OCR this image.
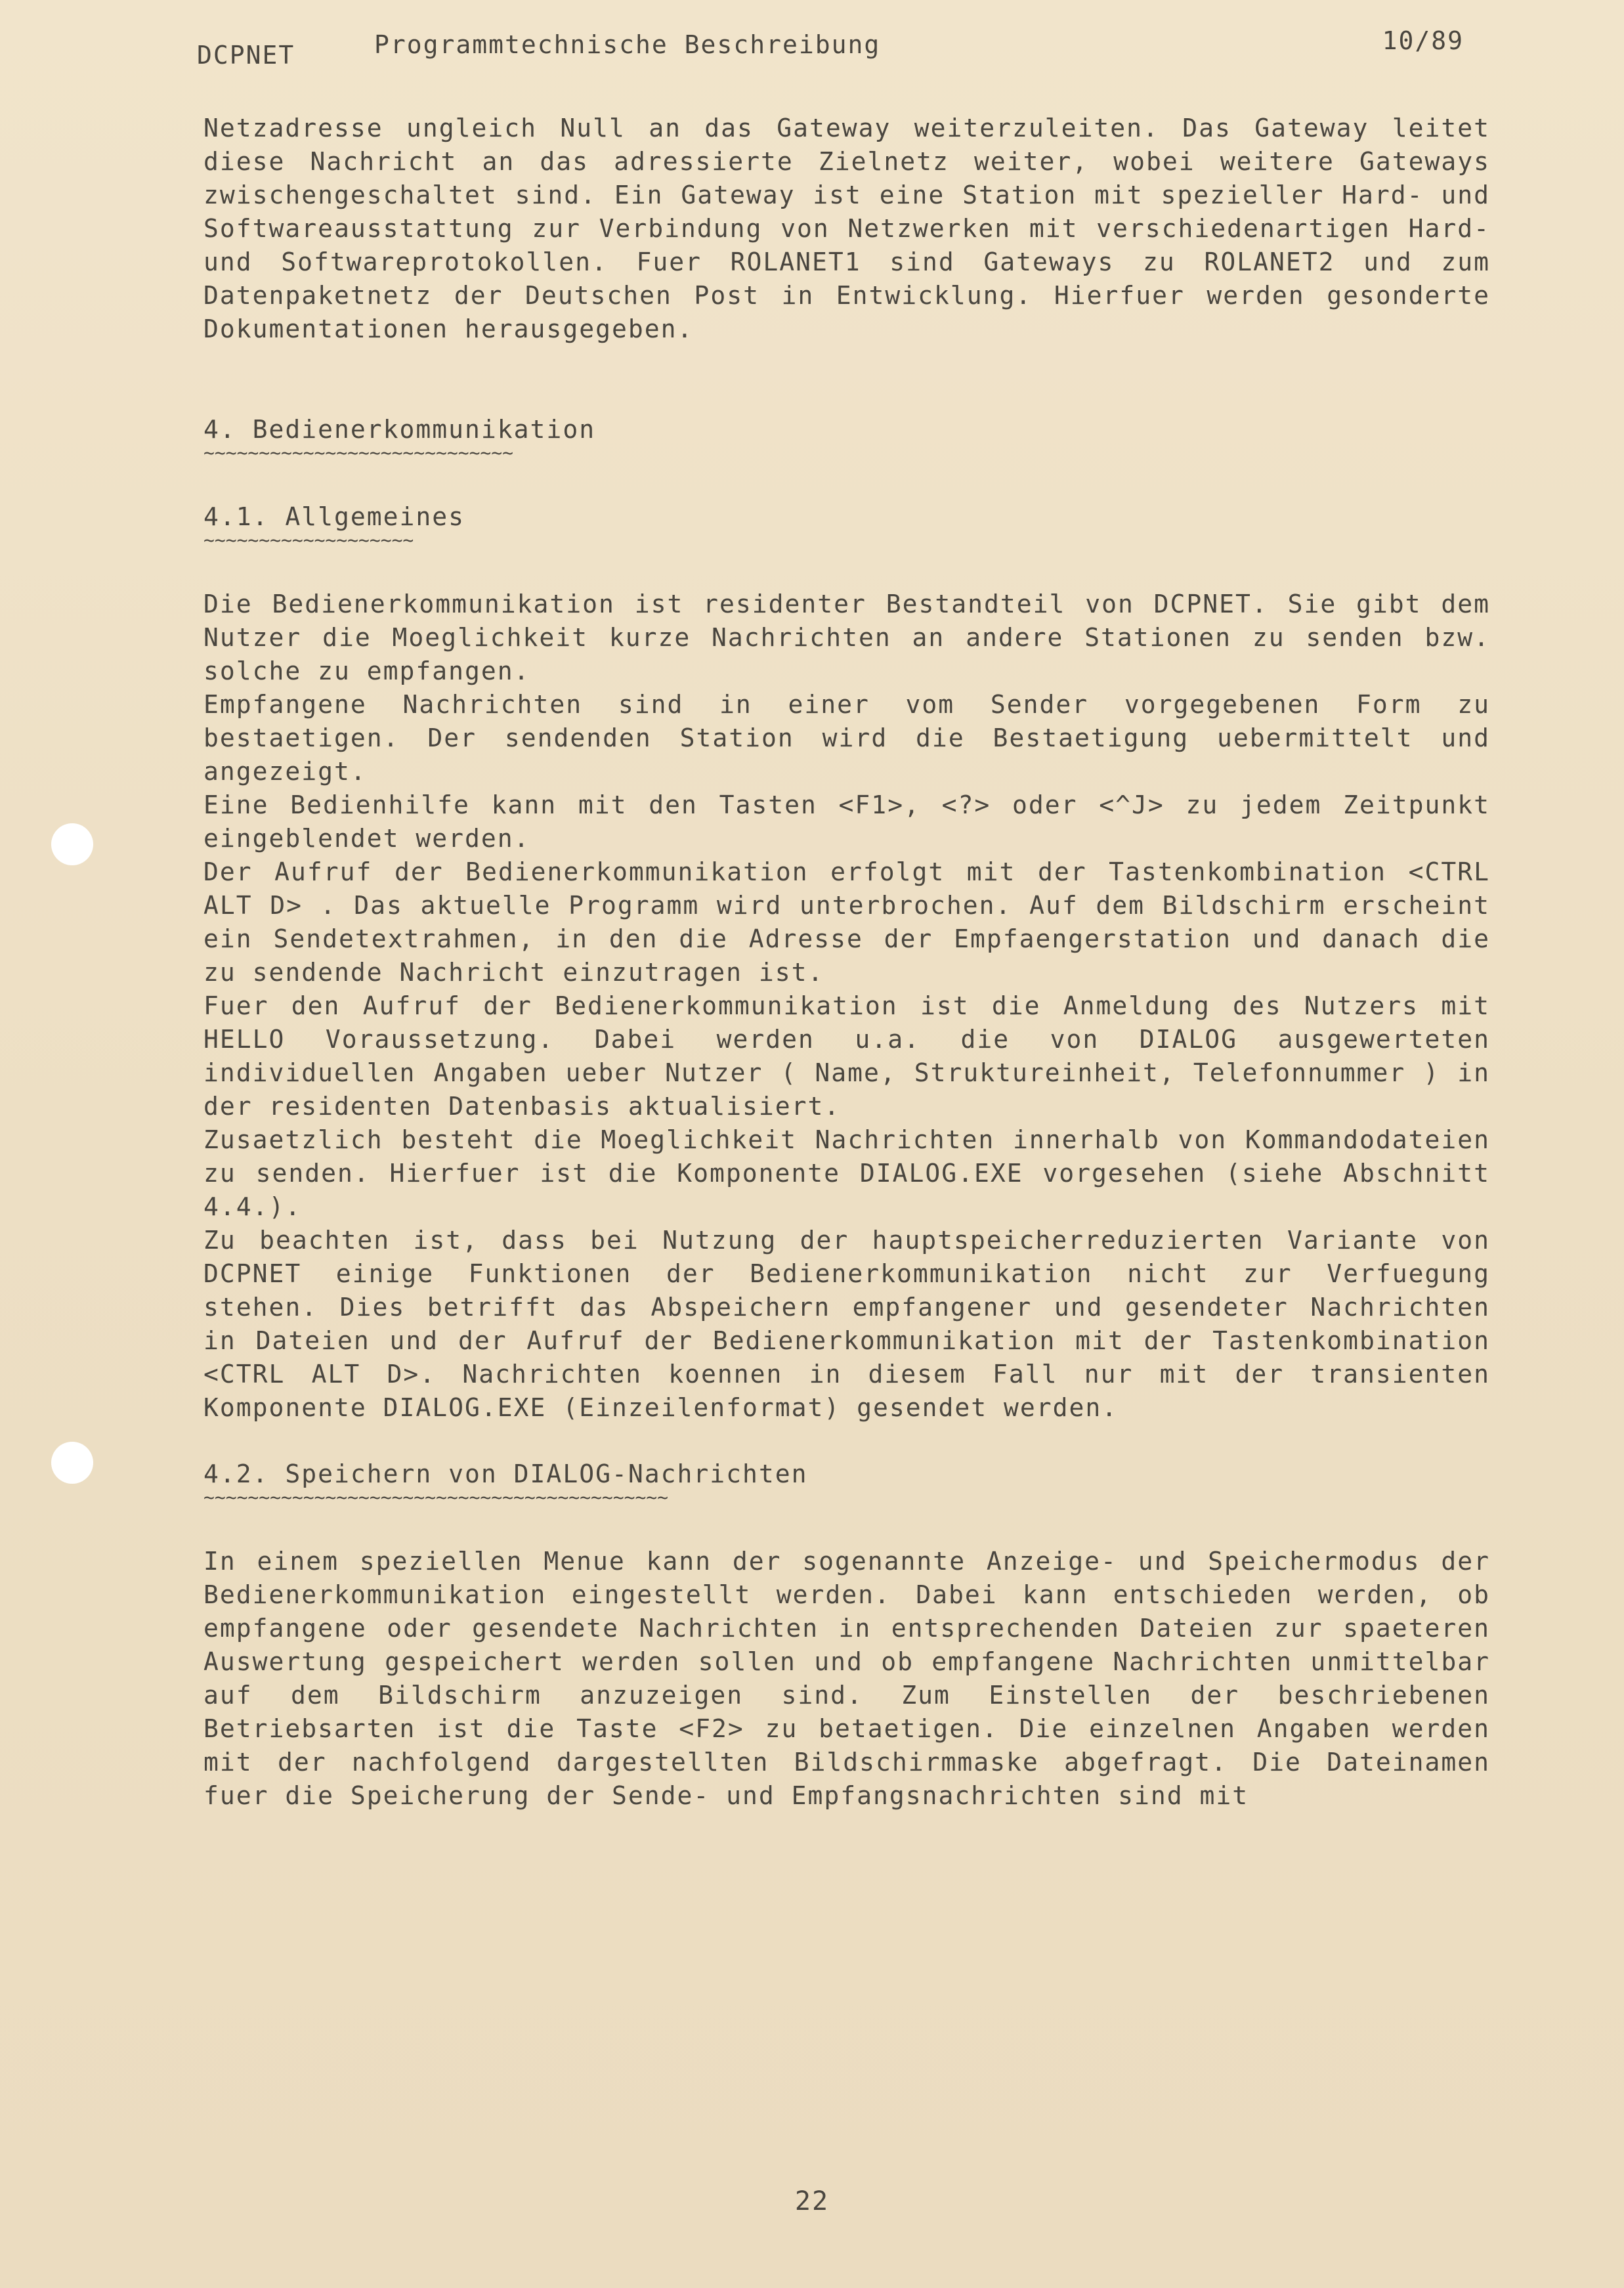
DCPNET	Programmtechnische Beschreibung	10/89

Netzadresse ungleich Null an das Gateway weiterzuleiten. Das Gateway leitet diese Nachricht an das adressierte Zielnetz weiter, wobei weitere Gateways zwischengeschaltet sind. Ein Gateway ist eine Station mit spezieller Hard- und Softwareausstattung zur Verbindung von Netzwerken mit verschiedenartigen Hard- und Softwareprotokollen. Fuer ROLANET1 sind Gateways zu ROLANET2 und zum Datenpaketnetz der Deutschen Post in Entwicklung. Hierfuer werden gesonderte Dokumentationen herausgegeben.

4. Bedienerkommunikation
~~~~~~~~~~~~~~~~~~~~~~~~~~~~
4.1. Allgemeines
~~~~~~~~~~~~~~~~~~~

Die Bedienerkommunikation ist residenter Bestandteil von DCPNET. Sie gibt dem Nutzer die Moeglichkeit kurze Nachrichten an andere Stationen zu senden bzw. solche zu empfangen.

Empfangene Nachrichten sind in einer vom Sender vorgegebenen Form zu bestaetigen. Der sendenden Station wird die Bestaetigung uebermittelt und angezeigt.

Eine Bedienhilfe kann mit den Tasten <F1>, <?> oder <^J> zu jedem Zeitpunkt eingeblendet werden.

Der Aufruf der Bedienerkommunikation erfolgt mit der Tastenkombination <CTRL ALT D> . Das aktuelle Programm wird unterbrochen. Auf dem Bildschirm erscheint ein Sendetextrahmen, in den die Adresse der Empfaengerstation und danach die zu sendende Nachricht einzutragen ist.

Fuer den Aufruf der Bedienerkommunikation ist die Anmeldung des Nutzers mit HELLO Voraussetzung. Dabei werden u.a. die von DIALOG ausgewerteten individuellen Angaben ueber Nutzer ( Name, Struktureinheit, Telefonnummer ) in der residenten Datenbasis aktualisiert.

Zusaetzlich besteht die Moeglichkeit Nachrichten innerhalb von Kommandodateien zu senden. Hierfuer ist die Komponente DIALOG.EXE vorgesehen (siehe Abschnitt 4.4.).

Zu beachten ist, dass bei Nutzung der hauptspeicherreduzierten Variante von DCPNET einige Funktionen der Bedienerkommunikation nicht zur Verfuegung stehen. Dies betrifft das Abspeichern empfangener und gesendeter Nachrichten in Dateien und der Aufruf der Bedienerkommunikation mit der Tastenkombination <CTRL ALT D>. Nachrichten koennen in diesem Fall nur mit der transienten Komponente DIALOG.EXE (Einzeilenformat) gesendet werden.

4.2. Speichern von DIALOG-Nachrichten
~~~~~~~~~~~~~~~~~~~~~~~~~~~~~~~~~~~~~~~~~~

In einem speziellen Menue kann der sogenannte Anzeige- und Speichermodus der Bedienerkommunikation eingestellt werden. Dabei kann entschieden werden, ob empfangene oder gesendete Nachrichten in entsprechenden Dateien zur spaeteren Auswertung gespeichert werden sollen und ob empfangene Nachrichten unmittelbar auf dem Bildschirm anzuzeigen sind. Zum Einstellen der beschriebenen Betriebsarten ist die Taste <F2> zu betaetigen. Die einzelnen Angaben werden mit der nachfolgend dargestellten Bildschirmmaske abgefragt. Die Dateinamen fuer die Speicherung der Sende- und Empfangsnachrichten sind mit

22
